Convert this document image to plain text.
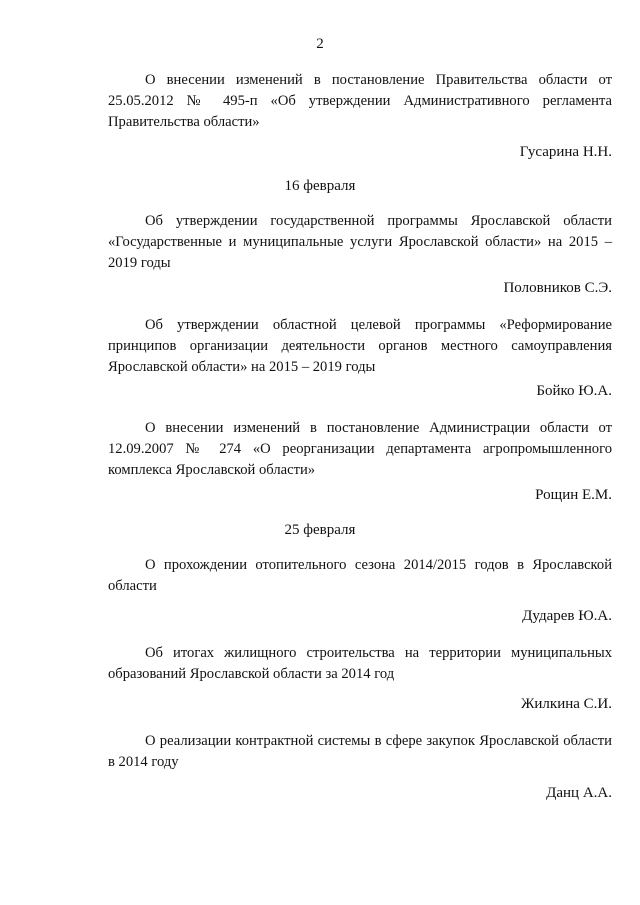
2
О внесении изменений в постановление Правительства области от 25.05.2012 № 495-п «Об утверждении Административного регламента Правительства области»
Гусарина Н.Н.
16 февраля
Об утверждении государственной программы Ярославской области «Государственные и муниципальные услуги Ярославской области» на 2015 – 2019 годы
Половников С.Э.
Об утверждении областной целевой программы «Реформирование принципов организации деятельности органов местного самоуправления Ярославской области» на 2015 – 2019 годы
Бойко Ю.А.
О внесении изменений в постановление Администрации области от 12.09.2007 № 274 «О реорганизации департамента агропромышленного комплекса Ярославской области»
Рощин Е.М.
25 февраля
О прохождении отопительного сезона 2014/2015 годов в Ярославской области
Дударев Ю.А.
Об итогах жилищного строительства на территории муниципальных образований Ярославской области за 2014 год
Жилкина С.И.
О реализации контрактной системы в сфере закупок Ярославской области в 2014 году
Данц А.А.
